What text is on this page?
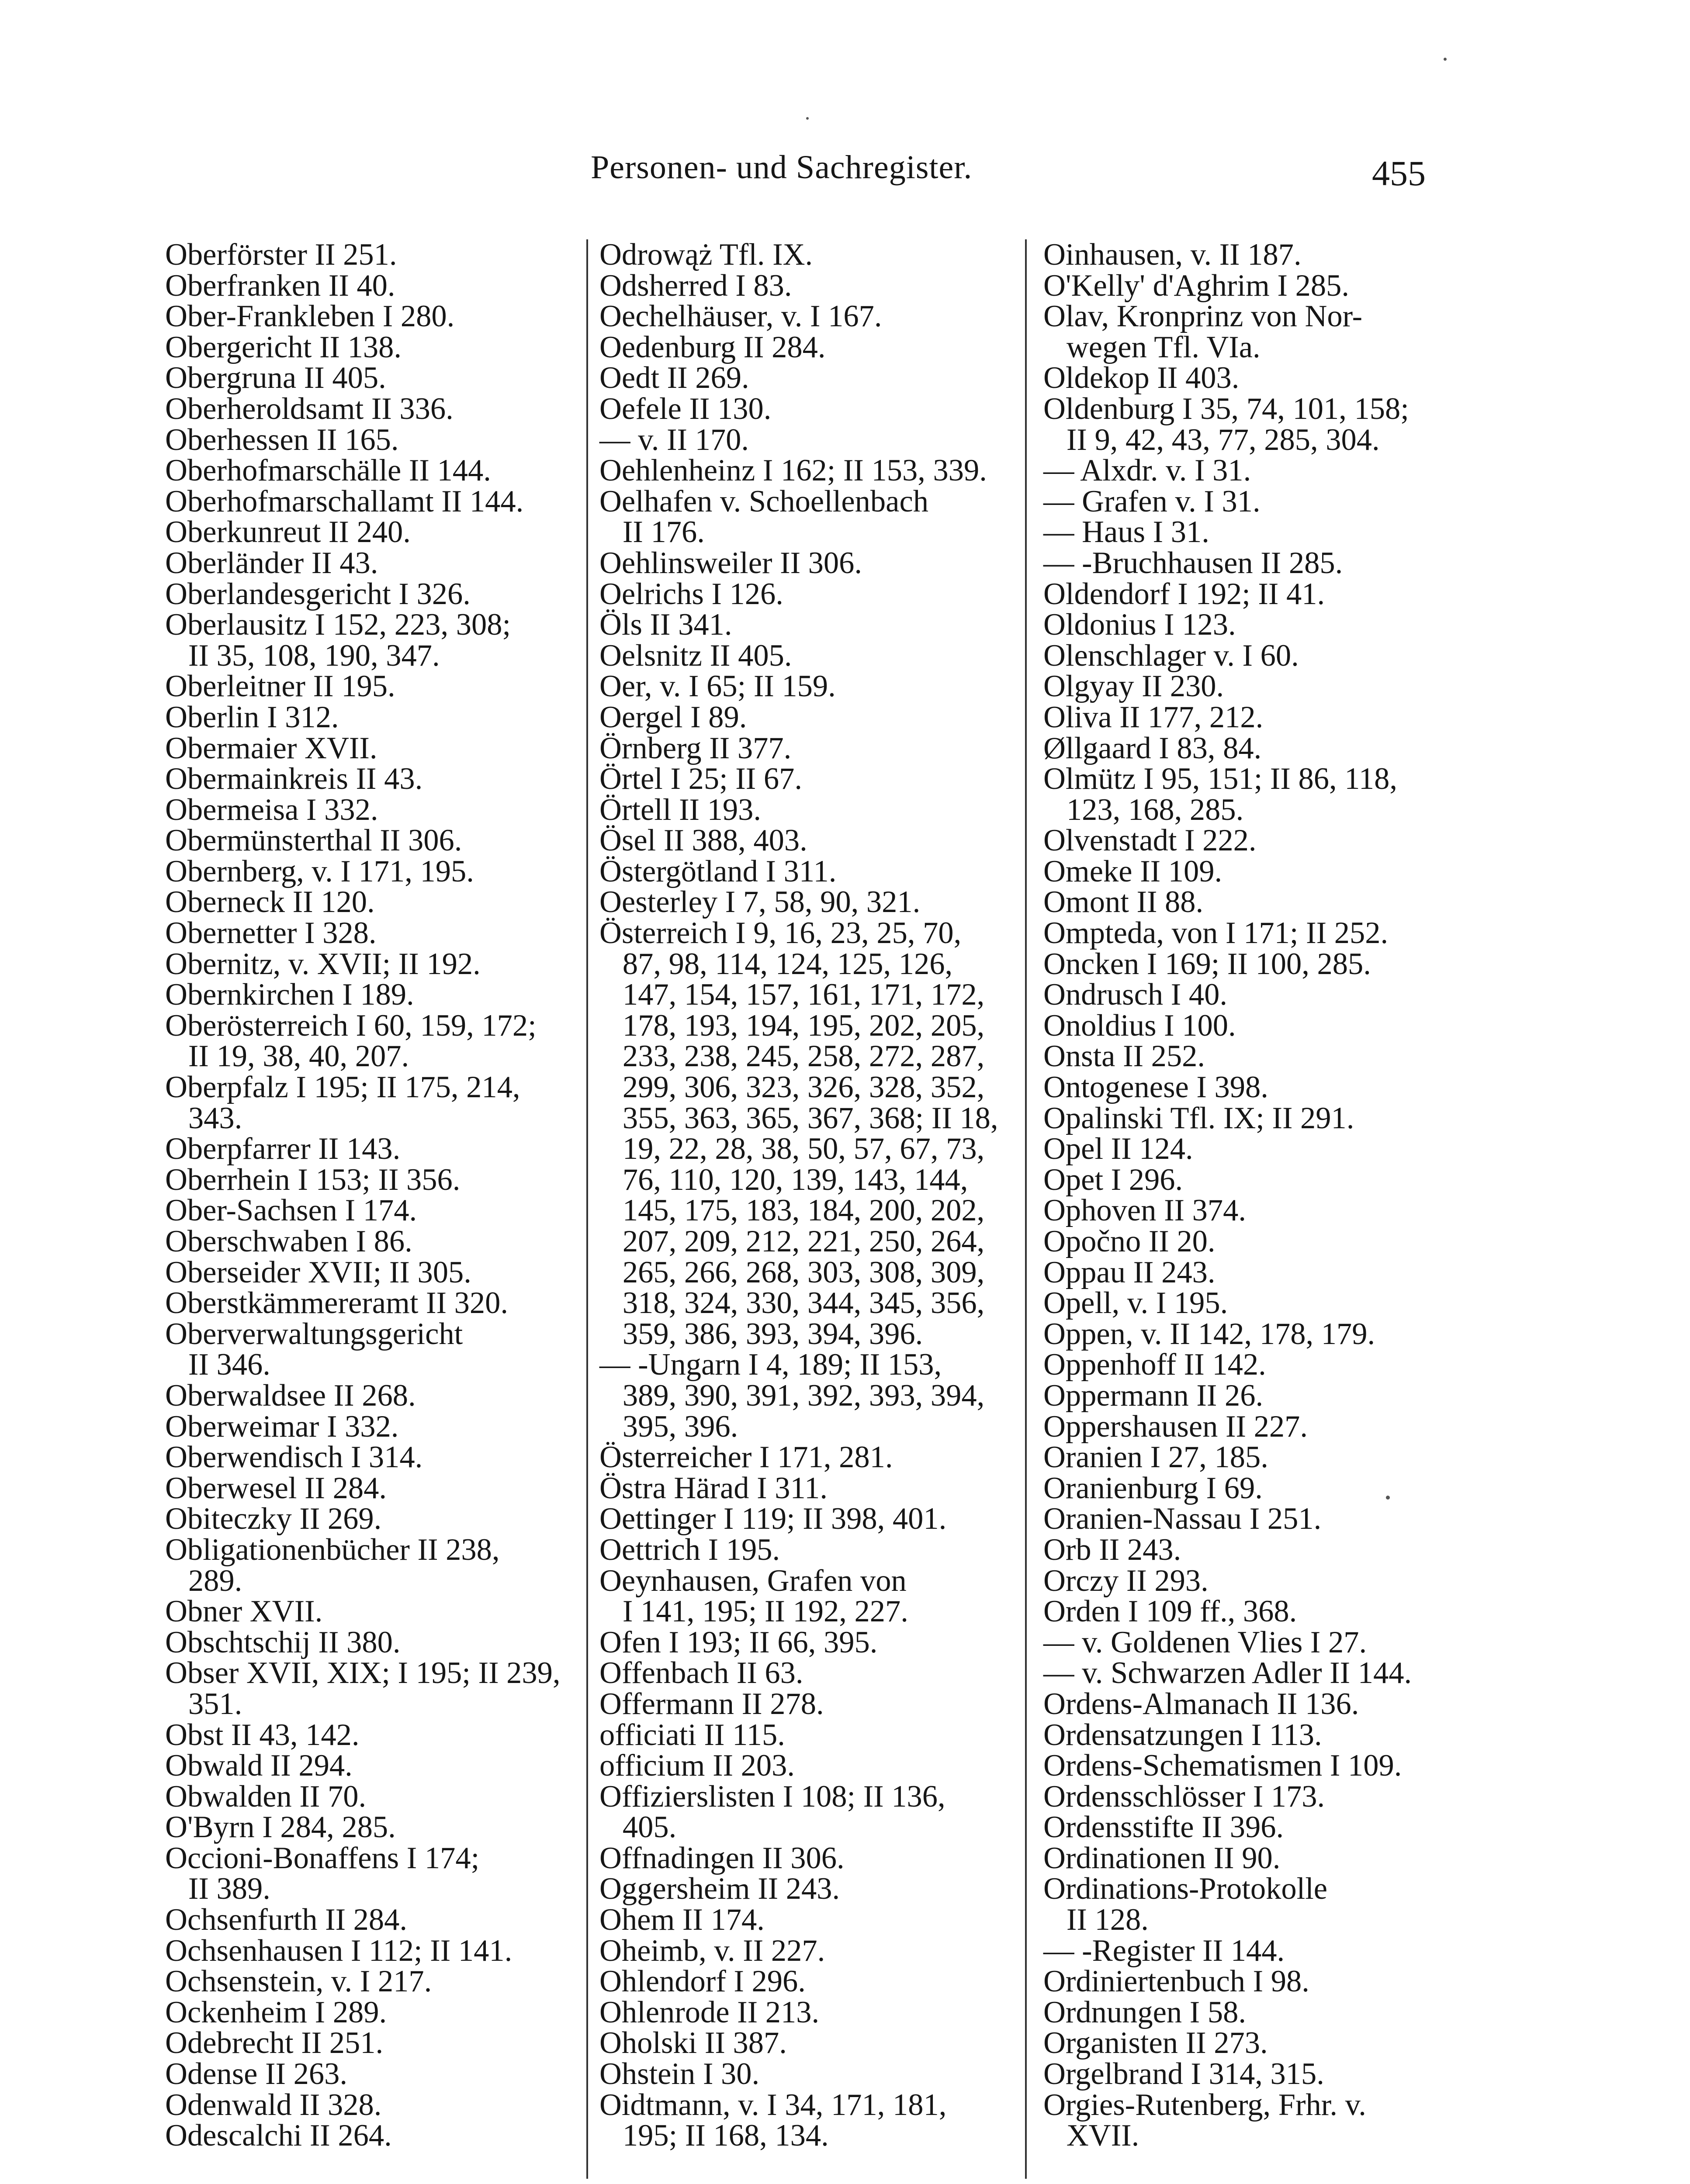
Personen- und Sachregister.	455
Oberförster II 251.
Oberfranken II 40.
Ober-Frankleben I 280.
Obergericht II 138.
Obergruna II 405.
Oberheroldsamt II 336.
Oberhessen II 165.
Oberhofmarschälle II 144.
Oberhofmarschallamt II 144.
Oberkunreut II 240.
Oberländer II 43.
Oberlandesgericht I 326.
Oberlausitz I 152, 223, 308;
II 35, 108, 190, 347.
Oberleitner II 195.
Oberlin I 312.
Obermaier XVII.
Obermainkreis II 43.
Obermeisa I 332.
Obermünsterthal II 306.
Obernberg, v. I 171, 195.
Oberneck II 120.
Obernetter I 328.
Obernitz, v. XVII; II 192.
Obernkirchen I 189.
Oberösterreich I 60, 159, 172;
II 19, 38, 40, 207.
Oberpfalz I 195; II 175, 214,
343.
Oberpfarrer II 143.
Oberrhein I 153; II 356.
Ober-Sachsen I 174.
Oberschwaben I 86.
Oberseider XVII; II 305.
Oberstkämmereramt II 320.
Oberverwaltungsgericht
II 346.
Oberwaldsee II 268.
Oberweimar I 332.
Oberwendisch I 314.
Oberwesel II 284.
Obiteczky II 269.
Obligationenbücher II 238,
289.
Obner XVII.
Obschtschij II 380.
Obser XVII, XIX; I 195; II 239,
351.
Obst II 43, 142.
Obwald II 294.
Obwalden II 70.
O'Byrn I 284, 285.
Occioni-Bonaffens I 174;
II 389.
Ochsenfurth II 284.
Ochsenhausen I 112; II 141.
Ochsenstein, v. I 217.
Ockenheim I 289.
Odebrecht II 251.
Odense II 263.
Odenwald II 328.
Odescalchi II 264.
Odrowąż Tfl. IX.
Odsherred I 83.
Oechelhäuser, v. I 167.
Oedenburg II 284.
Oedt II 269.
Oefele II 130.
— v. II 170.
Oehlenheinz I 162; II 153, 339.
Oelhafen v. Schoellenbach
II 176.
Oehlinsweiler II 306.
Oelrichs I 126.
Öls II 341.
Oelsnitz II 405.
Oer, v. I 65; II 159.
Oergel I 89.
Örnberg II 377.
Örtel I 25; II 67.
Örtell II 193.
Ösel II 388, 403.
Östergötland I 311.
Oesterley I 7, 58, 90, 321.
Österreich I 9, 16, 23, 25, 70,
87, 98, 114, 124, 125, 126,
147, 154, 157, 161, 171, 172,
178, 193, 194, 195, 202, 205,
233, 238, 245, 258, 272, 287,
299, 306, 323, 326, 328, 352,
355, 363, 365, 367, 368; II 18,
19, 22, 28, 38, 50, 57, 67, 73,
76, 110, 120, 139, 143, 144,
145, 175, 183, 184, 200, 202,
207, 209, 212, 221, 250, 264,
265, 266, 268, 303, 308, 309,
318, 324, 330, 344, 345, 356,
359, 386, 393, 394, 396.
— -Ungarn I 4, 189; II 153,
389, 390, 391, 392, 393, 394,
395, 396.
Österreicher I 171, 281.
Östra Härad I 311.
Oettinger I 119; II 398, 401.
Oettrich I 195.
Oeynhausen, Grafen von
I 141, 195; II 192, 227.
Ofen I 193; II 66, 395.
Offenbach II 63.
Offermann II 278.
officiati II 115.
officium II 203.
Offizierslisten I 108; II 136,
405.
Offnadingen II 306.
Oggersheim II 243.
Ohem II 174.
Oheimb, v. II 227.
Ohlendorf I 296.
Ohlenrode II 213.
Oholski II 387.
Ohstein I 30.
Oidtmann, v. I 34, 171, 181,
195; II 168, 134.
Oinhausen, v. II 187.
O'Kelly' d'Aghrim I 285.
Olav, Kronprinz von Nor-
wegen Tfl. VIa.
Oldekop II 403.
Oldenburg I 35, 74, 101, 158;
II 9, 42, 43, 77, 285, 304.
— Alxdr. v. I 31.
— Grafen v. I 31.
— Haus I 31.
— -Bruchhausen II 285.
Oldendorf I 192; II 41.
Oldonius I 123.
Olenschlager v. I 60.
Olgyay II 230.
Oliva II 177, 212.
Øllgaard I 83, 84.
Olmütz I 95, 151; II 86, 118,
123, 168, 285.
Olvenstadt I 222.
Omeke II 109.
Omont II 88.
Ompteda, von I 171; II 252.
Oncken I 169; II 100, 285.
Ondrusch I 40.
Onoldius I 100.
Onsta II 252.
Ontogenese I 398.
Opalinski Tfl. IX; II 291.
Opel II 124.
Opet I 296.
Ophoven II 374.
Opočno II 20.
Oppau II 243.
Opell, v. I 195.
Oppen, v. II 142, 178, 179.
Oppenhoff II 142.
Oppermann II 26.
Oppershausen II 227.
Oranien I 27, 185.
Oranienburg I 69.
Oranien-Nassau I 251.
Orb II 243.
Orczy II 293.
Orden I 109 ff., 368.
— v. Goldenen Vlies I 27.
— v. Schwarzen Adler II 144.
Ordens-Almanach II 136.
Ordensatzungen I 113.
Ordens-Schematismen I 109.
Ordensschlösser I 173.
Ordensstifte II 396.
Ordinationen II 90.
Ordinations-Protokolle
II 128.
— -Register II 144.
Ordiniertenbuch I 98.
Ordnungen I 58.
Organisten II 273.
Orgelbrand I 314, 315.
Orgies-Rutenberg, Frhr. v.
XVII.
